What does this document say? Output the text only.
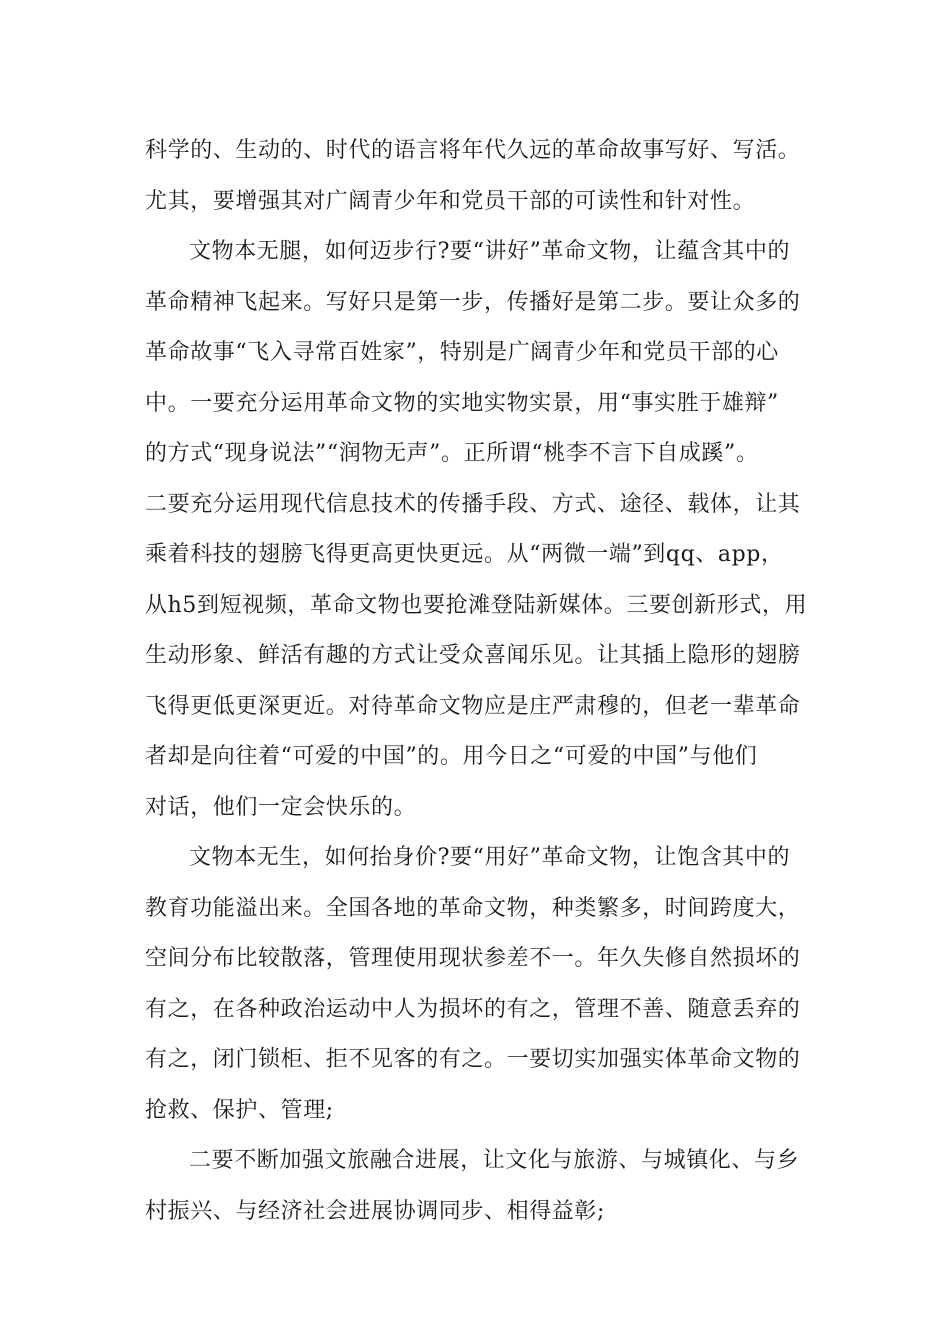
科学的、生动的、时代的语言将年代久远的革命故事写好、写活。
尤其，要增强其对广阔青少年和党员干部的可读性和针对性。
文物本无腿，如何迈步行?要“讲好”革命文物，让蕴含其中的
革命精神飞起来。写好只是第一步，传播好是第二步。要让众多的
革命故事“飞入寻常百姓家”，特别是广阔青少年和党员干部的心
中。一要充分运用革命文物的实地实物实景，用“事实胜于雄辩”
的方式“现身说法”“润物无声”。正所谓“桃李不言下自成蹊”。
二要充分运用现代信息技术的传播手段、方式、途径、载体，让其
乘着科技的翅膀飞得更高更快更远。从“两微一端”到qq、app，
从h5到短视频，革命文物也要抢滩登陆新媒体。三要创新形式，用
生动形象、鲜活有趣的方式让受众喜闻乐见。让其插上隐形的翅膀
飞得更低更深更近。对待革命文物应是庄严肃穆的，但老一辈革命
者却是向往着“可爱的中国”的。用今日之“可爱的中国”与他们
对话，他们一定会快乐的。
文物本无生，如何抬身价?要“用好”革命文物，让饱含其中的
教育功能溢出来。全国各地的革命文物，种类繁多，时间跨度大，
空间分布比较散落，管理使用现状参差不一。年久失修自然损坏的
有之，在各种政治运动中人为损坏的有之，管理不善、随意丢弃的
有之，闭门锁柜、拒不见客的有之。一要切实加强实体革命文物的
抢救、保护、管理;
二要不断加强文旅融合进展，让文化与旅游、与城镇化、与乡
村振兴、与经济社会进展协调同步、相得益彰;
